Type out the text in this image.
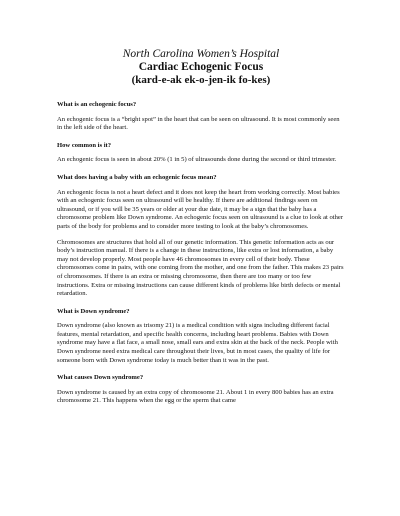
North Carolina Women’s Hospital
Cardiac Echogenic Focus
(kard-e-ak ek-o-jen-ik fo-kes)

What is an echogenic focus?

An echogenic focus is a “bright spot” in the heart that can be seen on ultrasound. It is most commonly seen in the left side of the heart.

How common is it?

An echogenic focus is seen in about 20% (1 in 5) of ultrasounds done during the second or third trimester.

What does having a baby with an echogenic focus mean?

An echogenic focus is not a heart defect and it does not keep the heart from working correctly. Most babies with an echogenic focus seen on ultrasound will be healthy. If there are additional findings seen on ultrasound, or if you will be 35 years or older at your due date, it may be a sign that the baby has a chromosome problem like Down syndrome. An echogenic focus seen on ultrasound is a clue to look at other parts of the body for problems and to consider more testing to look at the baby’s chromosomes.

Chromosomes are structures that hold all of our genetic information. This genetic information acts as our body’s instruction manual. If there is a change in these instructions, like extra or lost information, a baby may not develop properly. Most people have 46 chromosomes in every cell of their body. These chromosomes come in pairs, with one coming from the mother, and one from the father. This makes 23 pairs of chromosomes. If there is an extra or missing chromosome, then there are too many or too few instructions. Extra or missing instructions can cause different kinds of problems like birth defects or mental retardation.

What is Down syndrome?

Down syndrome (also known as trisomy 21) is a medical condition with signs including different facial features, mental retardation, and specific health concerns, including heart problems. Babies with Down syndrome may have a flat face, a small nose, small ears and extra skin at the back of the neck. People with Down syndrome need extra medical care throughout their lives, but in most cases, the quality of life for someone born with Down syndrome today is much better than it was in the past.

What causes Down syndrome?

Down syndrome is caused by an extra copy of chromosome 21. About 1 in every 800 babies has an extra chromosome 21. This happens when the egg or the sperm that came
